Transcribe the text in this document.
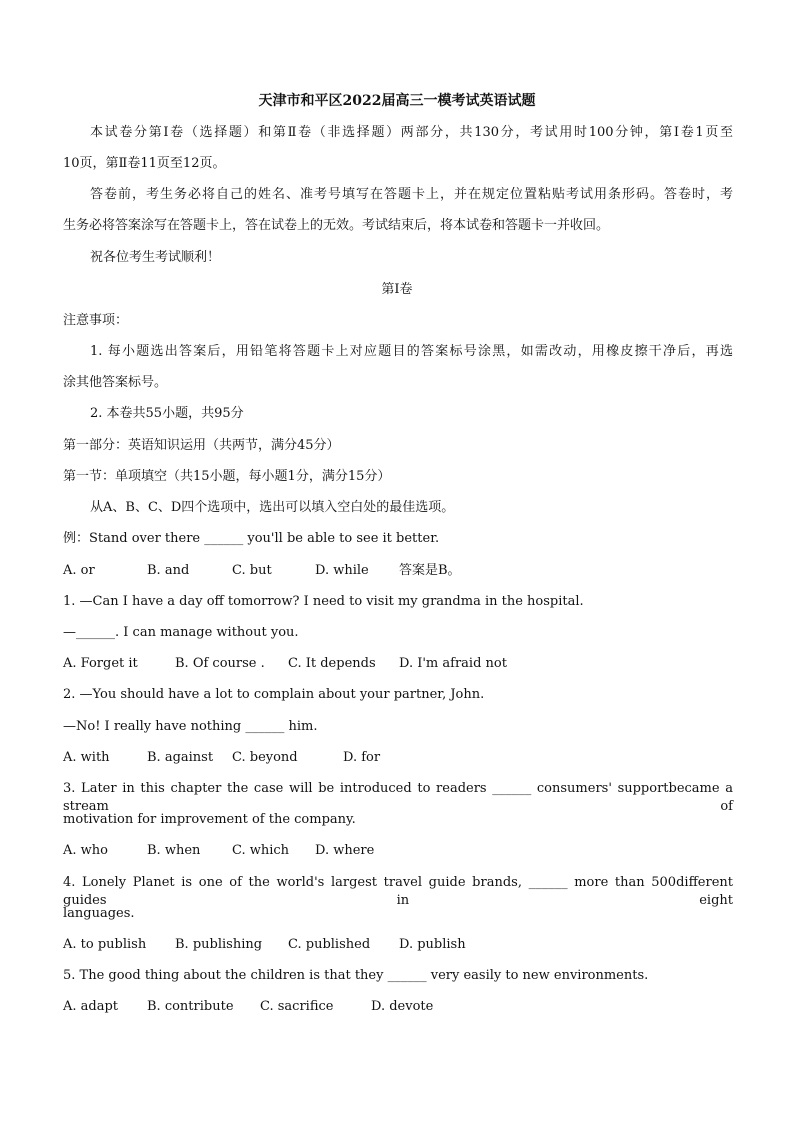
天津市和平区2022届高三一模考试英语试题
本试卷分第Ⅰ卷（选择题）和第Ⅱ卷（非选择题）两部分，共130分，考试用时100分钟，第Ⅰ卷1页至
10页，第Ⅱ卷11页至12页。
答卷前，考生务必将自己的姓名、准考号填写在答题卡上，并在规定位置粘贴考试用条形码。答卷时，考
生务必将答案涂写在答题卡上，答在试卷上的无效。考试结束后，将本试卷和答题卡一并收回。
祝各位考生考试顺利！
第Ⅰ卷
注意事项：
1. 每小题选出答案后，用铅笔将答题卡上对应题目的答案标号涂黑，如需改动，用橡皮擦干净后，再选
涂其他答案标号。
2. 本卷共55小题，共95分
第一部分：英语知识运用（共两节，满分45分）
第一节：单项填空（共15小题，每小题1分，满分15分）
从A、B、C、D四个选项中，选出可以填入空白处的最佳选项。
例：Stand over there ______ you'll be able to see it better.
A. or	B. and	C. but	D. while 答案是B。
1. —Can I have a day off tomorrow? I need to visit my grandma in the hospital.
—______. I can manage without you.
A. Forget it	B. Of course . C. It depends D. I'm afraid not
2. —You should have a lot to complain about your partner, John.
—No! I really have nothing ______ him.
A. with	B. against C. beyond	D. for
3. Later in this chapter the case will be introduced to readers ______ consumers' supportbecame a stream of
motivation for improvement of the company.
A. who	B. when C. which D. where
4. Lonely Planet is one of the world's largest travel guide brands, ______ more than 500different guides in eight
languages.
A. to publish B. publishing C. published D. publish
5. The good thing about the children is that they ______ very easily to new environments.
A. adapt B. contribute C. sacrifice	D. devote
